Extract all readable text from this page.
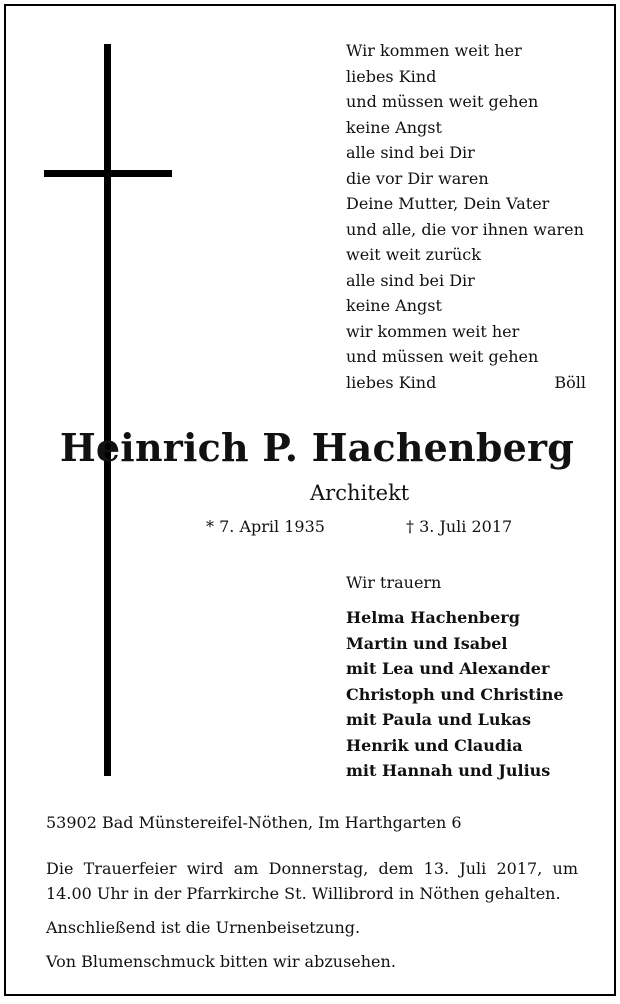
Wir kommen weit her
liebes Kind
und müssen weit gehen
keine Angst
alle sind bei Dir
die vor Dir waren
Deine Mutter, Dein Vater
und alle, die vor ihnen waren
weit weit zurück
alle sind bei Dir
keine Angst
wir kommen weit her
und müssen weit gehen
liebes Kind	Böll
Heinrich P. Hachenberg
Architekt
* 7. April 1935	† 3. Juli 2017
Wir trauern
Helma Hachenberg
Martin und Isabel
mit Lea und Alexander
Christoph und Christine
mit Paula und Lukas
Henrik und Claudia
mit Hannah und Julius
53902 Bad Münstereifel-Nöthen, Im Harthgarten 6

Die Trauerfeier wird am Donnerstag, dem 13. Juli 2017, um 14.00 Uhr in der Pfarrkirche St. Willibrord in Nöthen gehalten.

Anschließend ist die Urnenbeisetzung.

Von Blumenschmuck bitten wir abzusehen.
